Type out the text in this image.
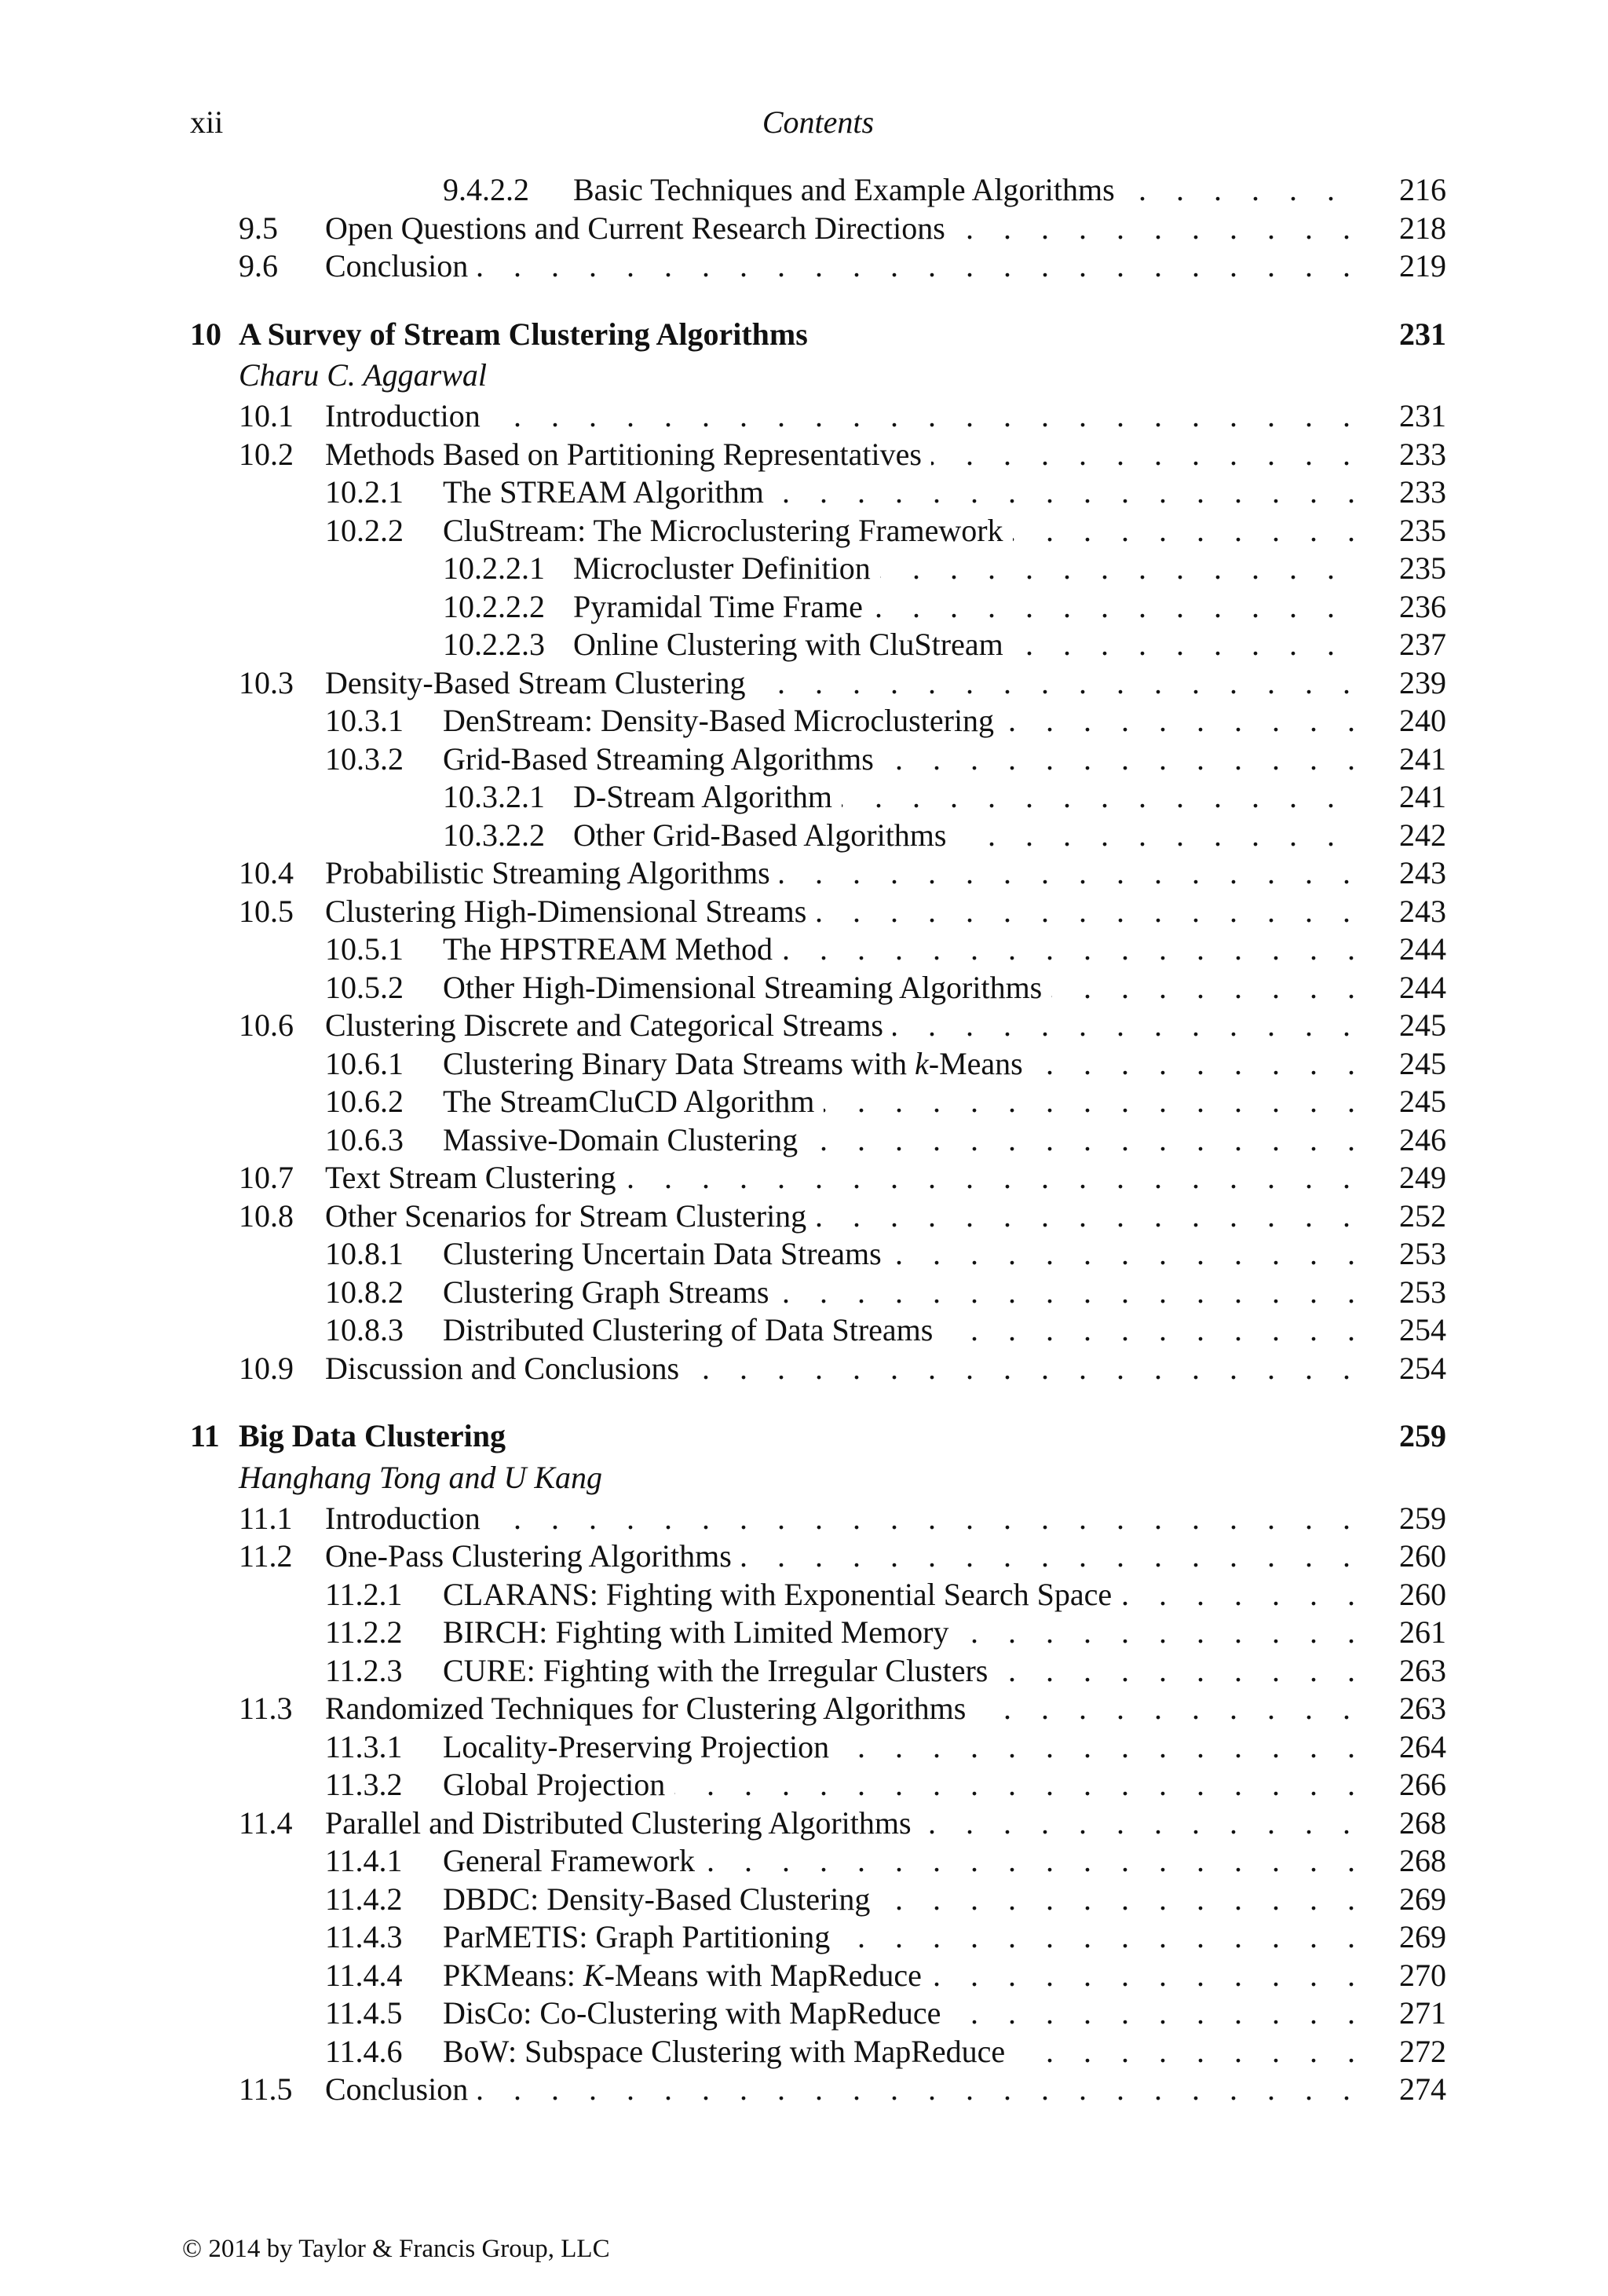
xii	Contents
9.4.2.2 . . . Basic Techniques and Example Algorithms	216
9.5 . . . Open Questions and Current Research Directions	218
9.6 . . . Conclusion	219
10 A Survey of Stream Clustering Algorithms	231
Charu C. Aggarwal
10.1 . . . Introduction	231
10.2 . . . Methods Based on Partitioning Representatives	233
10.2.1 . . . The STREAM Algorithm	233
10.2.2 . . . CluStream: The Microclustering Framework	235
10.2.2.1 . . . Microcluster Definition	235
10.2.2.2 . . . Pyramidal Time Frame	236
10.2.2.3 . . . Online Clustering with CluStream	237
10.3 . . . Density-Based Stream Clustering	239
10.3.1 . . . DenStream: Density-Based Microclustering	240
10.3.2 . . . Grid-Based Streaming Algorithms	241
10.3.2.1 . . . D-Stream Algorithm	241
10.3.2.2 . . . Other Grid-Based Algorithms	242
10.4 . . . Probabilistic Streaming Algorithms	243
10.5 . . . Clustering High-Dimensional Streams	243
10.5.1 . . . The HPSTREAM Method	244
10.5.2 . . . Other High-Dimensional Streaming Algorithms	244
10.6 . . . Clustering Discrete and Categorical Streams	245
10.6.1 . . . Clustering Binary Data Streams with k-Means	245
10.6.2 . . . The StreamCluCD Algorithm	245
10.6.3 . . . Massive-Domain Clustering	246
10.7 . . . Text Stream Clustering	249
10.8 . . . Other Scenarios for Stream Clustering	252
10.8.1 . . . Clustering Uncertain Data Streams	253
10.8.2 . . . Clustering Graph Streams	253
10.8.3 . . . Distributed Clustering of Data Streams	254
10.9 . . . Discussion and Conclusions	254
11 Big Data Clustering	259
Hanghang Tong and U Kang
11.1 . . . Introduction	259
11.2 . . . One-Pass Clustering Algorithms	260
11.2.1 . . . CLARANS: Fighting with Exponential Search Space	260
11.2.2 . . . BIRCH: Fighting with Limited Memory	261
11.2.3 . . . CURE: Fighting with the Irregular Clusters	263
11.3 . . . Randomized Techniques for Clustering Algorithms	263
11.3.1 . . . Locality-Preserving Projection	264
11.3.2 . . . Global Projection	266
11.4 . . . Parallel and Distributed Clustering Algorithms	268
11.4.1 . . . General Framework	268
11.4.2 . . . DBDC: Density-Based Clustering	269
11.4.3 . . . ParMETIS: Graph Partitioning	269
11.4.4 . . . PKMeans: K-Means with MapReduce	270
11.4.5 . . . DisCo: Co-Clustering with MapReduce	271
11.4.6 . . . BoW: Subspace Clustering with MapReduce	272
11.5 . . . Conclusion	274
© 2014 by Taylor & Francis Group, LLC
